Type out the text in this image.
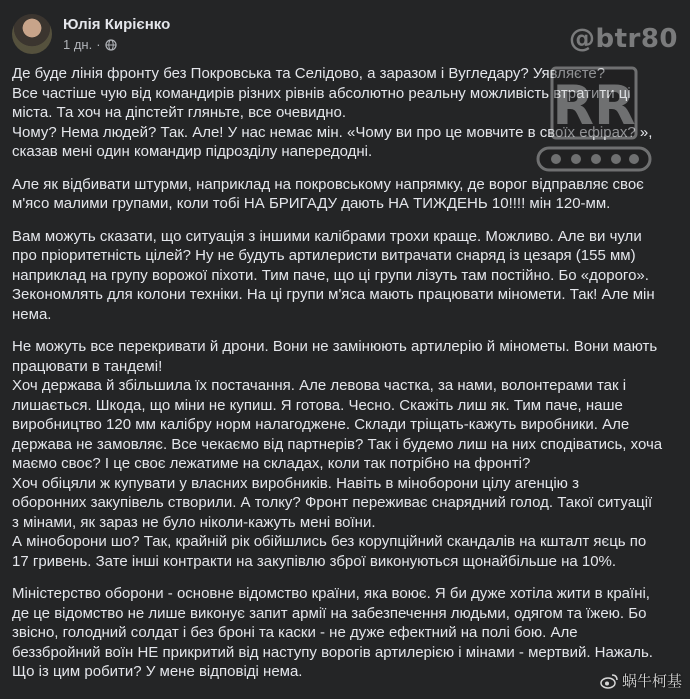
Юлія Кирієнко
1 дн. ·
Де буде лінія фронту без Покровська та Селідово, а заразом і Вугледару? Уявляєте?
Все частіше чую від командирів різних рівнів абсолютно реальну можливість втратити ці
міста. Та хоч на діпстейт гляньте, все очевидно.
Чому? Нема людей? Так. Але! У нас немає мін. «Чому ви про це мовчите в своїх ефірах? »,
сказав мені один командир підрозділу напередодні.
Але як відбивати штурми, наприклад на покровському напрямку, де ворог відправляє своє
м'ясо малими групами, коли тобі НА БРИГАДУ дають НА ТИЖДЕНЬ 10!!!! мін 120-мм.
Вам можуть сказати, що ситуація з іншими калібрами трохи краще. Можливо. Але ви чули
про пріоритетність цілей? Ну не будуть артилеристи витрачати снаряд із цезаря (155 мм)
наприклад на групу ворожої піхоти. Тим паче, що ці групи лізуть там постійно. Бо «дорого».
Зекономлять для колони техніки. На ці групи м'яса мають працювати міномети. Так! Але мін
нема.
Не можуть все перекривати й дрони. Вони не замінюють артилерію й мінометы. Вони мають
працювати в тандемі!
Хоч держава й збільшила їх постачання. Але левова частка, за нами, волонтерами так і
лишається. Шкода, що міни не купиш. Я готова. Чесно. Скажіть лиш як. Тим паче, наше
виробництво 120 мм калібру норм налагоджене. Склади тріщать-кажуть виробники. Але
держава не замовляє. Все чекаємо від партнерів? Так і будемо лиш на них сподіватись, хоча
маємо своє? І це своє лежатиме на складах, коли так потрібно на фронті?
Хоч обіцяли ж купувати у власних виробників. Навіть в міноборони цілу агенцію з
оборонних закупівель створили. А толку? Фронт переживає снарядний голод. Такої ситуації
з мінами, як зараз не було ніколи-кажуть мені воїни.
А міноборони шо? Так, крайній рік обійшлись без корупційний скандалів на кшталт яєць по
17 гривень. Зате інші контракти на закупівлю зброї виконуються щонайбільше на 10%.
Міністерство оборони - основне відомство країни, яка воює. Я би дуже хотіла жити в країні,
де це відомство не лише виконує запит армії на забезпечення людьми, одягом та їжею. Бо
звісно, голодний солдат і без броні та каски - не дуже ефектний на полі бою. Але
беззбройний воїн НЕ прикритий від наступу ворогів артилерією і мінами - мертвий. Нажаль.
Що із цим робити? У мене відповіді нема.
@btr80
RR
蜗牛柯基
